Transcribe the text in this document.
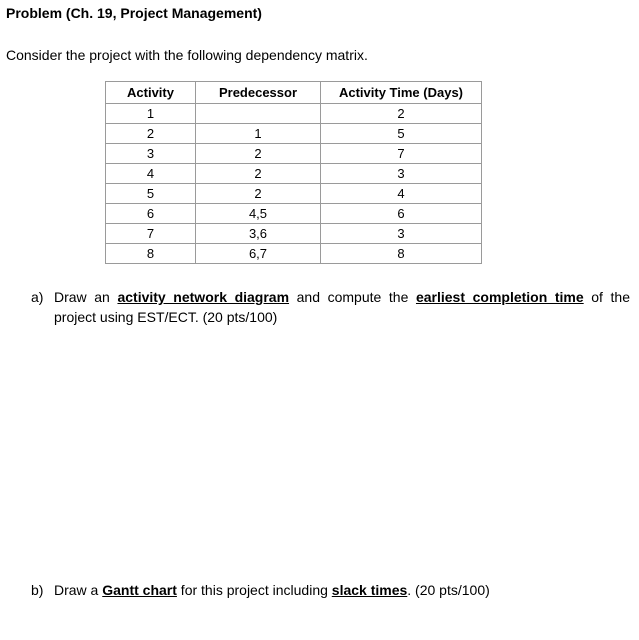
Problem (Ch. 19, Project Management)
Consider the project with the following dependency matrix.
Activity	Predecessor	Activity Time (Days)
1		2
2	1	5
3	2	7
4	2	3
5	2	4
6	4,5	6
7	3,6	3
8	6,7	8
a) Draw an activity network diagram and compute the earliest completion time of the project using EST/ECT. (20 pts/100)
b) Draw a Gantt chart for this project including slack times. (20 pts/100)
